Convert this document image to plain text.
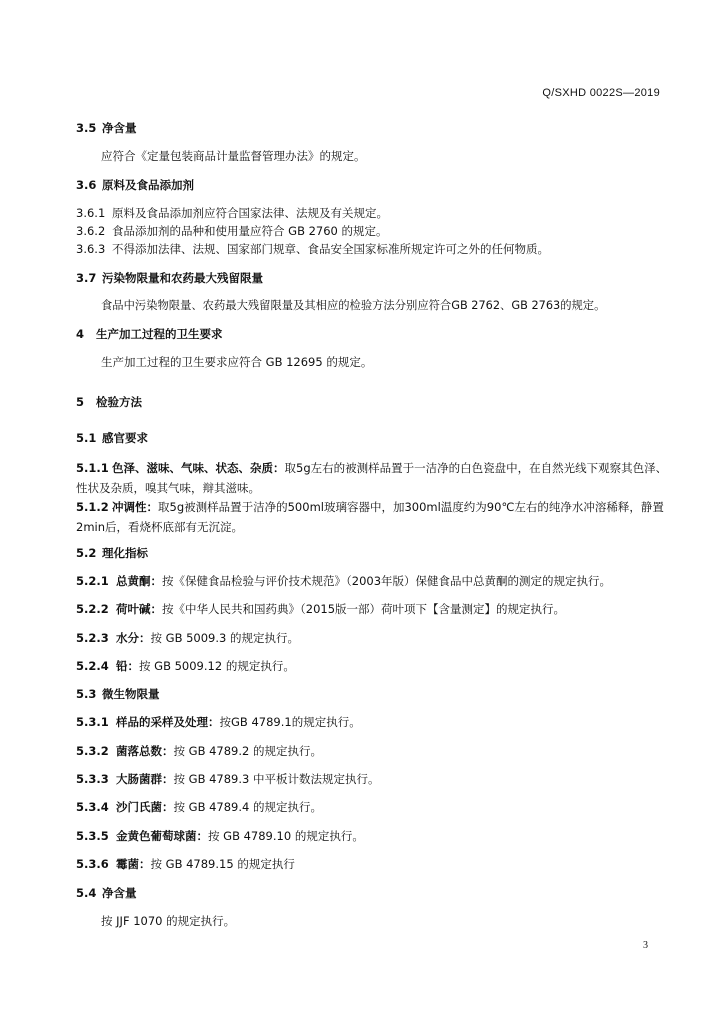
Q/SXHD 0022S—2019
3.5 净含量
应符合《定量包装商品计量监督管理办法》的规定。
3.6 原料及食品添加剂
3.6.1 原料及食品添加剂应符合国家法律、法规及有关规定。
3.6.2 食品添加剂的品种和使用量应符合 GB 2760 的规定。
3.6.3 不得添加法律、法规、国家部门规章、食品安全国家标准所规定许可之外的任何物质。
3.7 污染物限量和农药最大残留限量
食品中污染物限量、农药最大残留限量及其相应的检验方法分别应符合GB 2762、GB 2763的规定。
4 生产加工过程的卫生要求
生产加工过程的卫生要求应符合 GB 12695 的规定。
5 检验方法
5.1 感官要求
5.1.1 色泽、滋味、气味、状态、杂质：取5g左右的被测样品置于一洁净的白色瓷盘中，在自然光线下观察其色泽、性状及杂质，嗅其气味，辩其滋味。
5.1.2 冲调性：取5g被测样品置于洁净的500ml玻璃容器中，加300ml温度约为90℃左右的纯净水冲溶稀释，静置2min后，看烧杯底部有无沉淀。
5.2 理化指标
5.2.1 总黄酮：按《保健食品检验与评价技术规范》（2003年版）保健食品中总黄酮的测定的规定执行。
5.2.2 荷叶碱：按《中华人民共和国药典》（2015版一部）荷叶项下【含量测定】的规定执行。
5.2.3 水分：按 GB 5009.3 的规定执行。
5.2.4 铅：按 GB 5009.12 的规定执行。
5.3 微生物限量
5.3.1 样品的采样及处理：按GB 4789.1的规定执行。
5.3.2 菌落总数：按 GB 4789.2 的规定执行。
5.3.3 大肠菌群：按 GB 4789.3 中平板计数法规定执行。
5.3.4 沙门氏菌：按 GB 4789.4 的规定执行。
5.3.5 金黄色葡萄球菌：按 GB 4789.10 的规定执行。
5.3.6 霉菌：按 GB 4789.15 的规定执行
5.4 净含量
按 JJF 1070 的规定执行。
3
